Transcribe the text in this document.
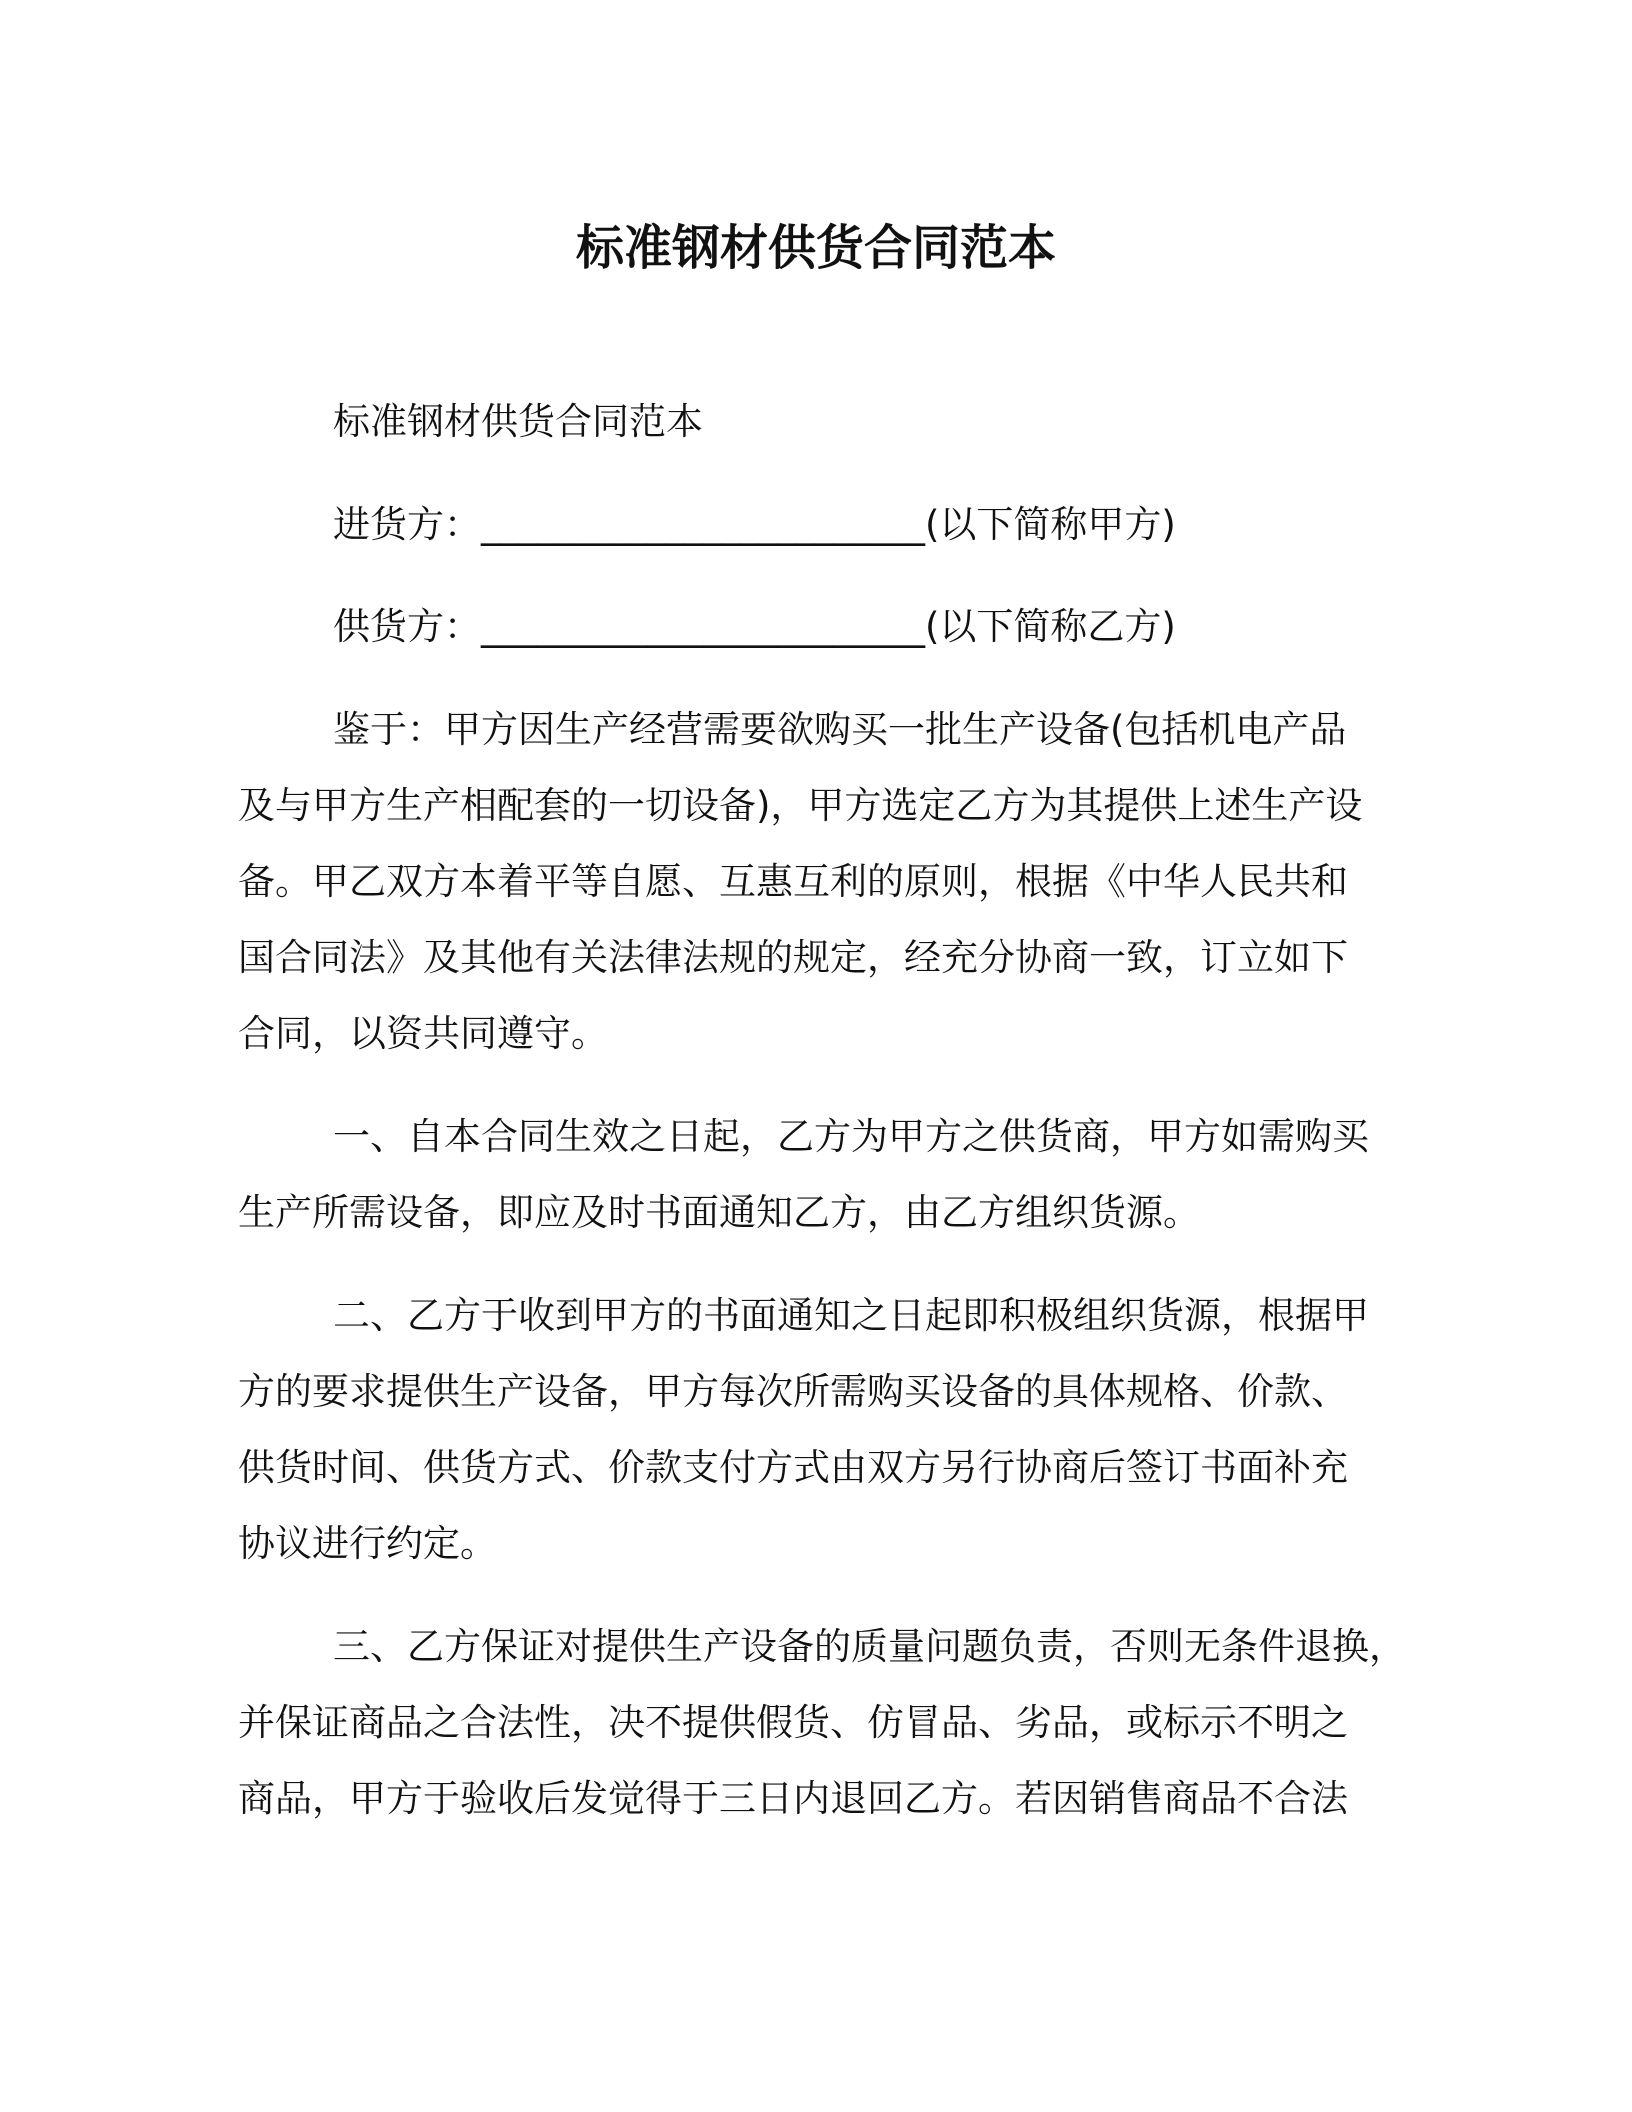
标准钢材供货合同范本
标准钢材供货合同范本
进货方：________________________(以下简称甲方)
供货方：________________________(以下简称乙方)
鉴于：甲方因生产经营需要欲购买一批生产设备(包括机电产品
及与甲方生产相配套的一切设备)，甲方选定乙方为其提供上述生产设
备。甲乙双方本着平等自愿、互惠互利的原则，根据《中华人民共和
国合同法》及其他有关法律法规的规定，经充分协商一致，订立如下
合同，以资共同遵守。
一、自本合同生效之日起，乙方为甲方之供货商，甲方如需购买
生产所需设备，即应及时书面通知乙方，由乙方组织货源。
二、乙方于收到甲方的书面通知之日起即积极组织货源，根据甲
方的要求提供生产设备，甲方每次所需购买设备的具体规格、价款、
供货时间、供货方式、价款支付方式由双方另行协商后签订书面补充
协议进行约定。
三、乙方保证对提供生产设备的质量问题负责，否则无条件退换，
并保证商品之合法性，决不提供假货、仿冒品、劣品，或标示不明之
商品，甲方于验收后发觉得于三日内退回乙方。若因销售商品不合法
